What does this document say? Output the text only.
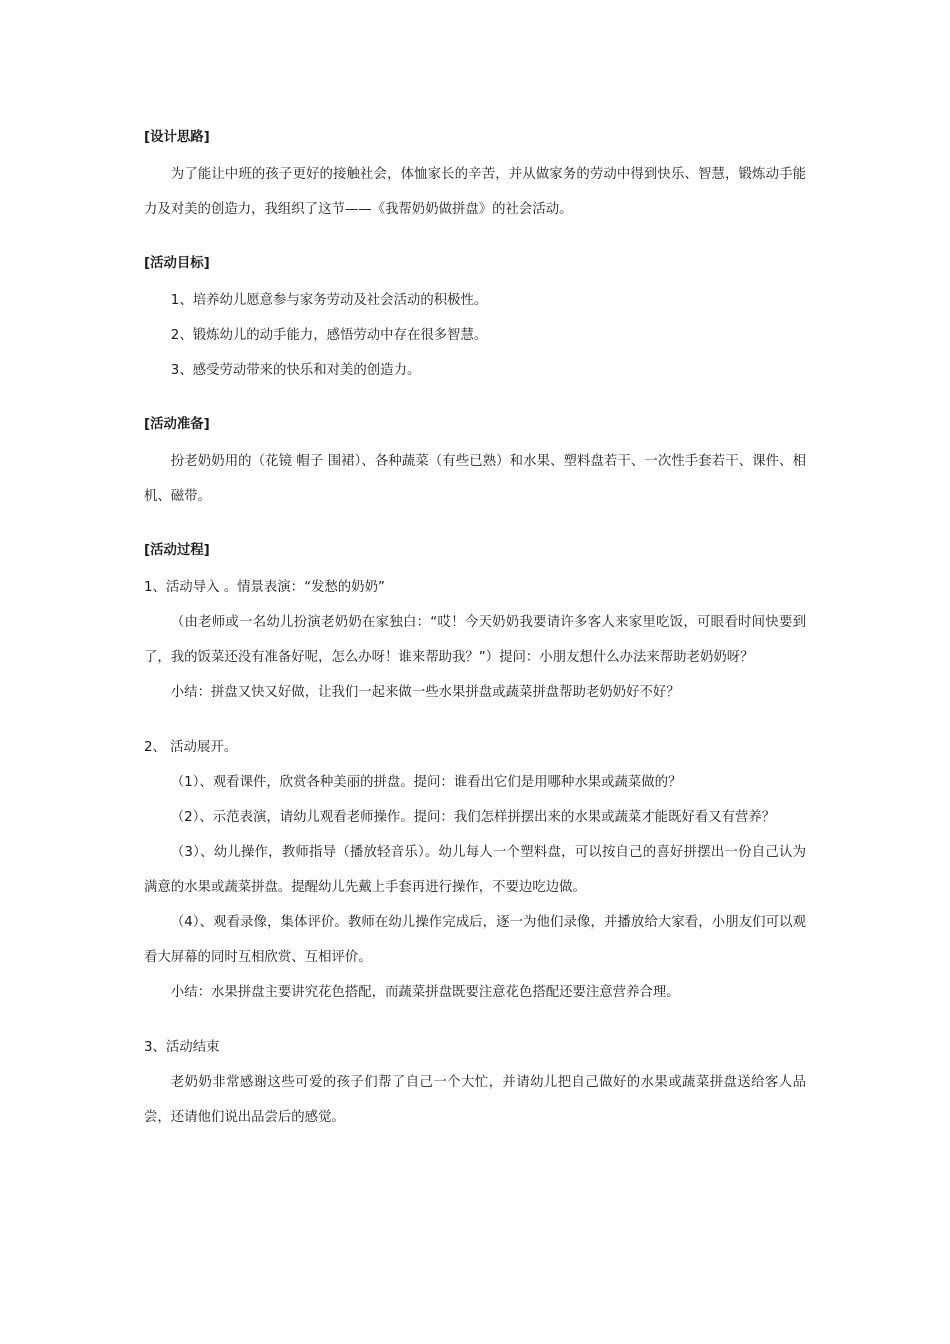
[设计思路]

为了能让中班的孩子更好的接触社会，体恤家长的辛苦，并从做家务的劳动中得到快乐、智慧，锻炼动手能力及对美的创造力，我组织了这节——《我帮奶奶做拼盘》的社会活动。

[活动目标]

1、培养幼儿愿意参与家务劳动及社会活动的积极性。

2、锻炼幼儿的动手能力，感悟劳动中存在很多智慧。

3、感受劳动带来的快乐和对美的创造力。

[活动准备]

扮老奶奶用的（花镜 帽子 围裙）、各种蔬菜（有些已熟）和水果、塑料盘若干、一次性手套若干、课件、相机、磁带。

[活动过程]

1、活动导入 。情景表演：“发愁的奶奶”

（由老师或一名幼儿扮演老奶奶在家独白：“哎！今天奶奶我要请许多客人来家里吃饭，可眼看时间快要到了，我的饭菜还没有准备好呢，怎么办呀！谁来帮助我？”）提问：小朋友想什么办法来帮助老奶奶呀？

小结：拼盘又快又好做，让我们一起来做一些水果拼盘或蔬菜拼盘帮助老奶奶好不好？

2、 活动展开。

（1）、观看课件，欣赏各种美丽的拼盘。提问：谁看出它们是用哪种水果或蔬菜做的？

（2）、示范表演，请幼儿观看老师操作。提问：我们怎样拼摆出来的水果或蔬菜才能既好看又有营养？

（3）、幼儿操作，教师指导（播放轻音乐）。幼儿每人一个塑料盘，可以按自己的喜好拼摆出一份自己认为满意的水果或蔬菜拼盘。提醒幼儿先戴上手套再进行操作，不要边吃边做。

（4）、观看录像，集体评价。教师在幼儿操作完成后，逐一为他们录像，并播放给大家看，小朋友们可以观看大屏幕的同时互相欣赏、互相评价。

小结：水果拼盘主要讲究花色搭配，而蔬菜拼盘既要注意花色搭配还要注意营养合理。

3、活动结束

老奶奶非常感谢这些可爱的孩子们帮了自己一个大忙，并请幼儿把自己做好的水果或蔬菜拼盘送给客人品　　尝，还请他们说出品尝后的感觉。
